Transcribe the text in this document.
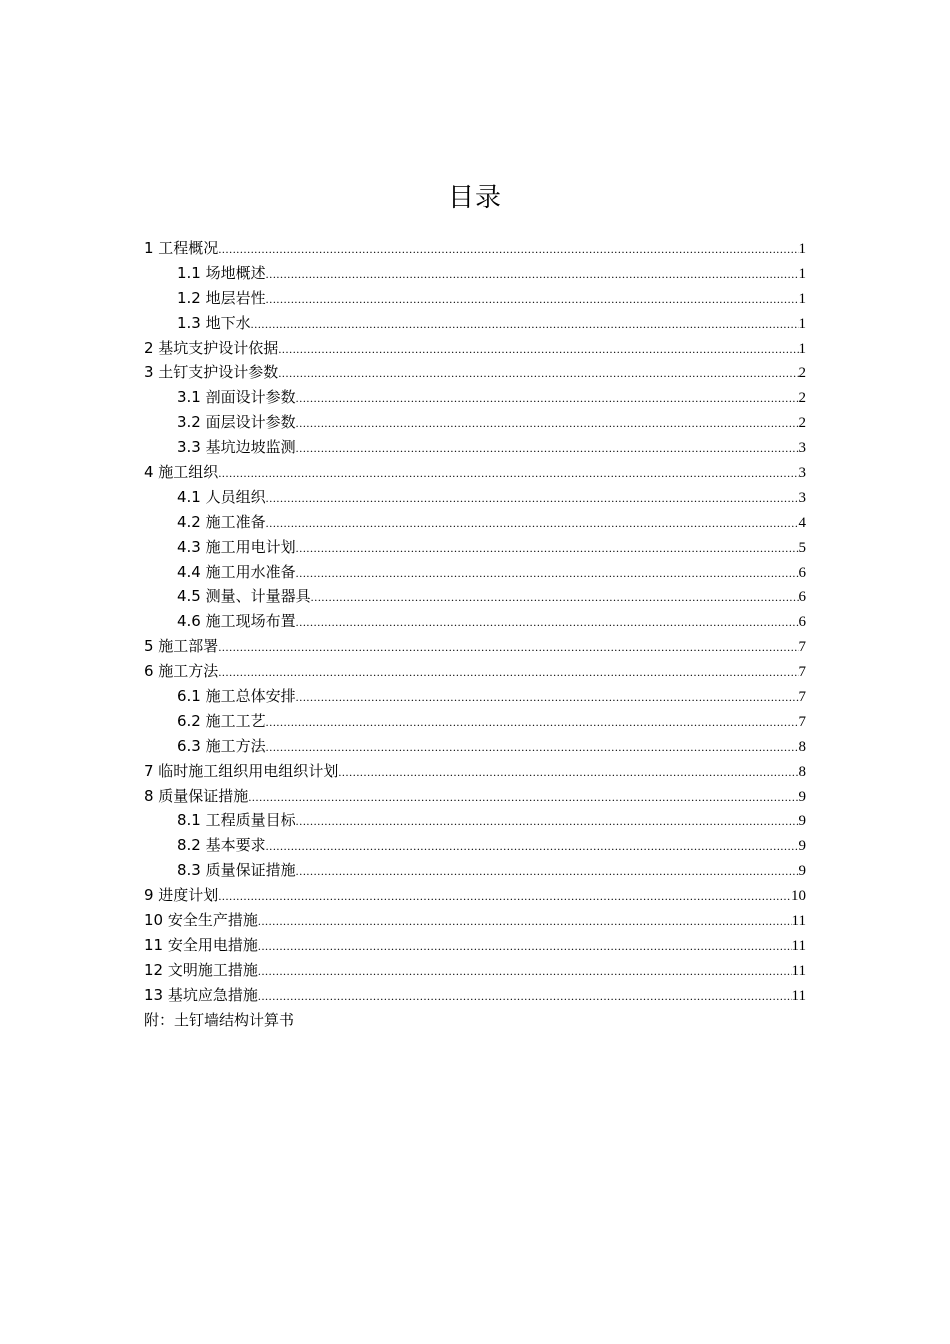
目录
1 工程概况 .....	1
1.1 场地概述 .....	1
1.2 地层岩性 .....	1
1.3 地下水 .....	1
2 基坑支护设计依据 .....	1
3 土钉支护设计参数 .....	2
3.1 剖面设计参数 .....	2
3.2 面层设计参数 .....	2
3.3 基坑边坡监测 .....	3
4 施工组织 .....	3
4.1 人员组织 .....	3
4.2 施工准备 .....	4
4.3 施工用电计划 .....	5
4.4 施工用水准备 .....	6
4.5 测量、计量器具 .....	6
4.6 施工现场布置 .....	6
5 施工部署 .....	7
6 施工方法 .....	7
6.1 施工总体安排 .....	7
6.2 施工工艺 .....	7
6.3 施工方法 .....	8
7 临时施工组织用电组织计划 .....	8
8 质量保证措施 .....	9
8.1 工程质量目标 .....	9
8.2 基本要求 .....	9
8.3 质量保证措施 .....	9
9 进度计划 .....	10
10 安全生产措施 .....	11
11 安全用电措施 .....	11
12 文明施工措施 .....	11
13 基坑应急措施 .....	11
附：土钉墙结构计算书
